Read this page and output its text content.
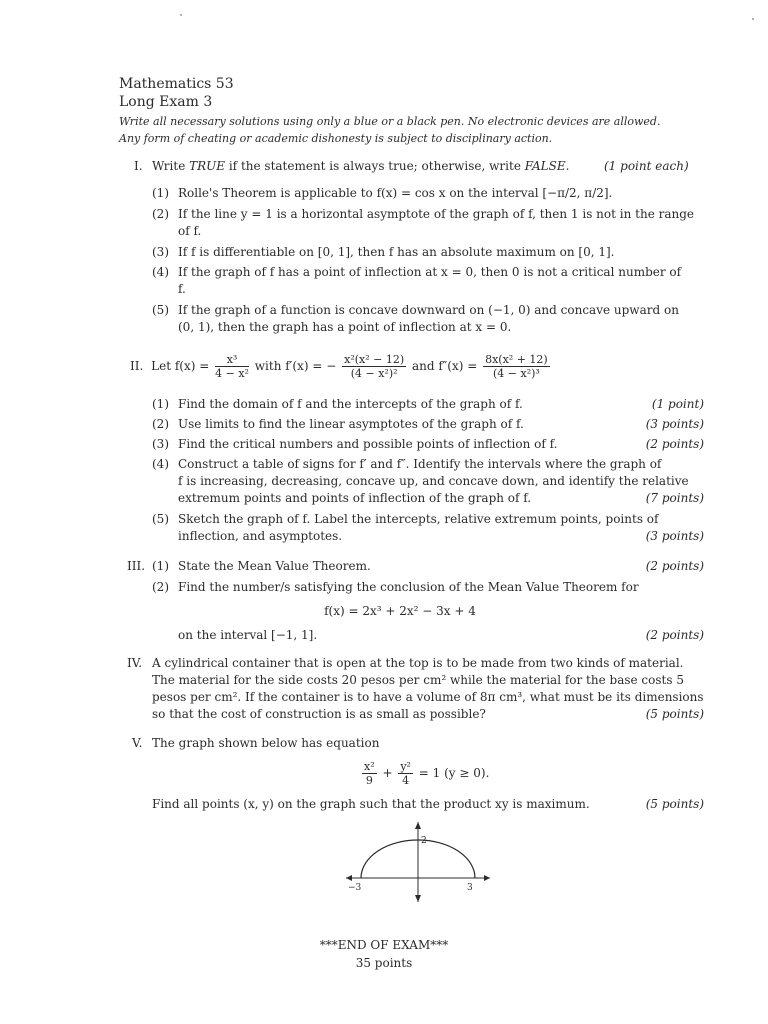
Mathematics 53
Long Exam 3
Write all necessary solutions using only a blue or a black pen. No electronic devices are allowed.
Any form of cheating or academic dishonesty is subject to disciplinary action.
I. Write TRUE if the statement is always true; otherwise, write FALSE.	(1 point each)
(1) Rolle's Theorem is applicable to f(x) = cos x on the interval [−π/2, π/2].
(2) If the line y = 1 is a horizontal asymptote of the graph of f, then 1 is not in the range
of f.
(3) If f is differentiable on [0, 1], then f has an absolute maximum on [0, 1].
(4) If the graph of f has a point of inflection at x = 0, then 0 is not a critical number of
f.
(5) If the graph of a function is concave downward on (−1, 0) and concave upward on
(0, 1), then the graph has a point of inflection at x = 0.
II. Let $f(x) = \frac{\text{x³}}{\text{4 − x²}}$ with f′(x) = − $\frac{\text{x²(x² − 12)}}{\text{(4 − x²)²}}$ and $f''(x) = \frac{\text{8x(x² + 12)}}{\text{(4 − x²)³}}$
(1) Find the domain of f and the intercepts of the graph of f.	(1 point)
(2) Use limits to find the linear asymptotes of the graph of f.	(3 points)
(3) Find the critical numbers and possible points of inflection of f.	(2 points)
(4) Construct a table of signs for f′ and f″. Identify the intervals where the graph of
f is increasing, decreasing, concave up, and concave down, and identify the relative
extremum points and points of inflection of the graph of f.	(7 points)
(5) Sketch the graph of f. Label the intercepts, relative extremum points, points of
inflection, and asymptotes.	(3 points)
III. (1) State the Mean Value Theorem.	(2 points)
(2) Find the number/s satisfying the conclusion of the Mean Value Theorem for
f(x) = 2x³ + 2x² − 3x + 4
on the interval [−1, 1].	(2 points)
IV. A cylindrical container that is open at the top is to be made from two kinds of material.
The material for the side costs 20 pesos per cm² while the material for the base costs 5
pesos per cm². If the container is to have a volume of 8π cm³, what must be its dimensions
so that the cost of construction is as small as possible?	(5 points)
V. The graph shown below has equation
$\frac{\text{x²}}{9} + \frac{\text{y²}}{4} = 1$ (y ≥ 0).
Find all points (x, y) on the graph such that the product xy is maximum.	(5 points)
−3	3
2
***END OF EXAM***
35 points
